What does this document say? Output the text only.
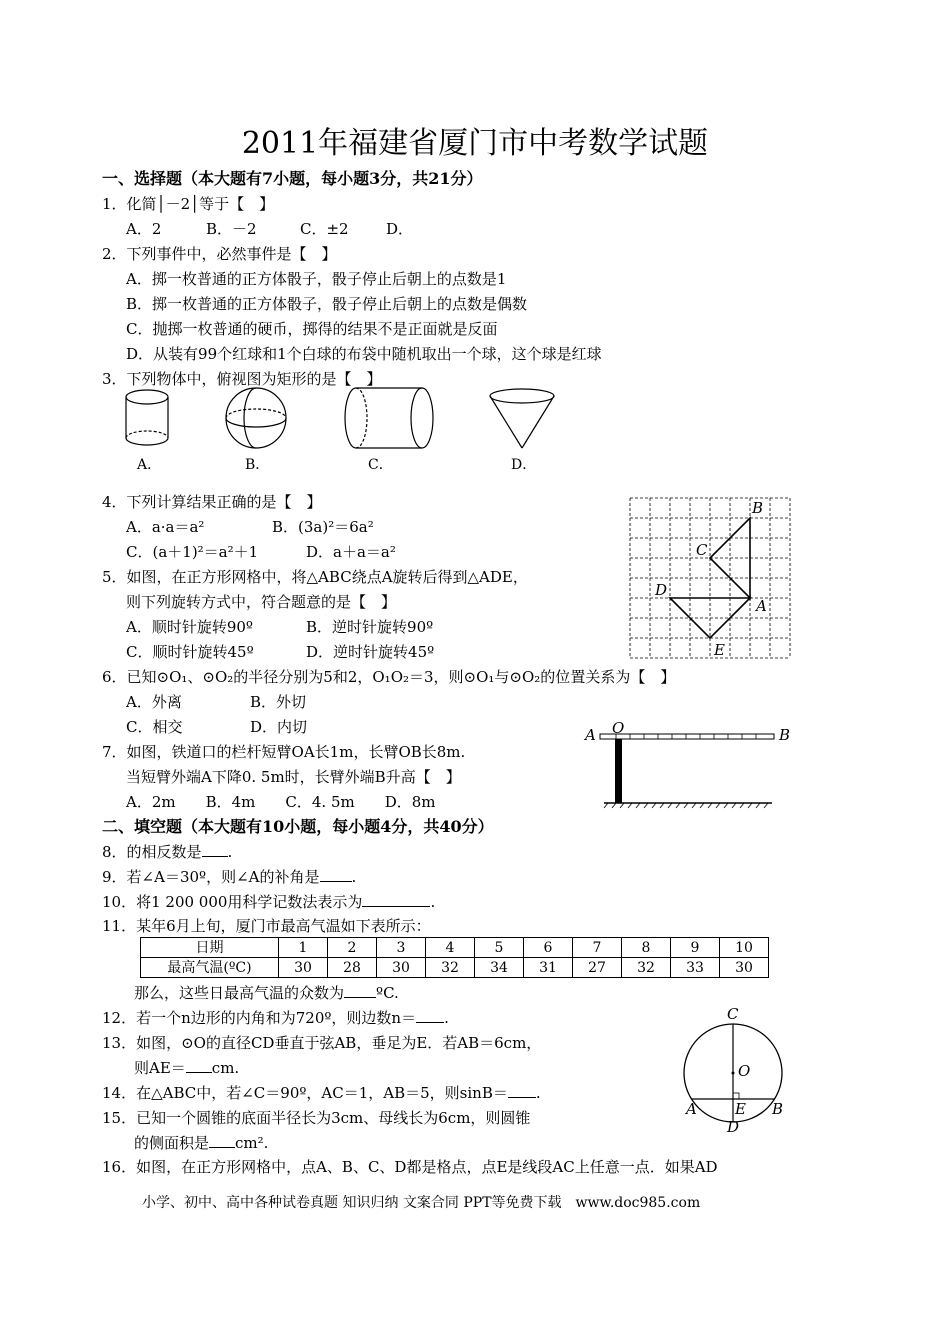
2011年福建省厦门市中考数学试题
一、选择题（本大题有7小题，每小题3分，共21分）
1．化简│－2│等于【　】
A．2	B．－2	C．±2 D．
2．下列事件中，必然事件是【　】
A．掷一枚普通的正方体骰子，骰子停止后朝上的点数是1
B．掷一枚普通的正方体骰子，骰子停止后朝上的点数是偶数
C．抛掷一枚普通的硬币，掷得的结果不是正面就是反面
D．从装有99个红球和1个白球的布袋中随机取出一个球，这个球是红球
3．下列物体中，俯视图为矩形的是【　】
A．	B．	C．	D．
4．下列计算结果正确的是【　】
A．a·a＝a²	B．(3a)²＝6a²
C．(a＋1)²＝a²＋1	D．a＋a＝a²
5．如图，在正方形网格中，将△ABC绕点A旋转后得到△ADE，
则下列旋转方式中，符合题意的是【　】
A．顺时针旋转90º	B．逆时针旋转90º
C．顺时针旋转45º	D．逆时针旋转45º
B
C
D
A
E
6．已知⊙O₁、⊙O₂的半径分别为5和2，O₁O₂＝3，则⊙O₁与⊙O₂的位置关系为【　】
A．外离	B．外切
C．相交	D．内切
7．如图，铁道口的栏杆短臂OA长1m，长臂OB长8m.
当短臂外端A下降0. 5m时，长臂外端B升高【　】
A．2m　　B．4m　　C．4. 5m　　D．8m
A O	B
二、填空题（本大题有10小题，每小题4分，共40分）
8．的相反数是 .
9．若∠A＝30º，则∠A的补角是 .
10．将1 200 000用科学记数法表示为	.
11．某年6月上旬，厦门市最高气温如下表所示：
日期	1	2	3	4	5	6	7	8	9	10
最高气温(ºC)	30	28	30	32	34	31	27	32	33	30
那么，这些日最高气温的众数为 ºC.
12．若一个n边形的内角和为720º，则边数n＝ .
13．如图，⊙O的直径CD垂直于弦AB，垂足为E．若AB＝6cm，
则AE＝ cm.
14．在△ABC中，若∠C＝90º，AC＝1，AB＝5，则sinB＝ .
15．已知一个圆锥的底面半径长为3cm、母线长为6cm，则圆锥
的侧面积是 cm².
C
O
A	E B
D
16．如图，在正方形网格中，点A、B、C、D都是格点，点E是线段AC上任意一点．如果AD
小学、初中、高中各种试卷真题 知识归纳 文案合同 PPT等免费下载　www.doc985.com
